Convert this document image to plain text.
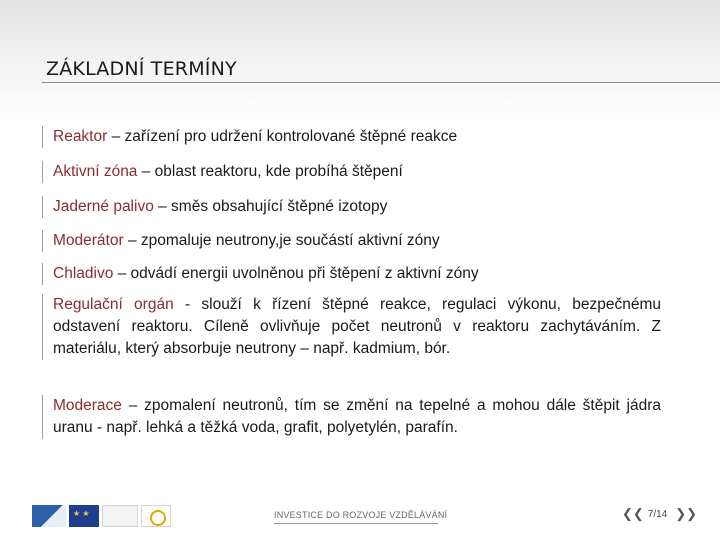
ZÁKLADNÍ TERMÍNY
Reaktor – zařízení pro udržení kontrolované štěpné reakce
Aktivní zóna – oblast reaktoru, kde probíhá štěpení
Jaderné palivo – směs obsahující štěpné izotopy
Moderátor – zpomaluje neutrony,je součástí aktivní zóny
Chladivo – odvádí energii uvolněnou při štěpení z aktivní zóny
Regulační orgán - slouží k řízení štěpné reakce, regulaci výkonu, bezpečnému odstavení reaktoru. Cíleně ovlivňuje počet neutronů v reaktoru zachytáváním. Z materiálu, který absorbuje neutrony – např. kadmium, bór.
Moderace – zpomalení neutronů, tím se změní na tepelné a mohou dále štěpit jádra uranu - např. lehká a těžká voda, grafit, polyetylén, parafín.
★ ★
INVESTICE DO ROZVOJE VZDĚLÁVÁNÍ	❮❮ 7/14 ❯❯
